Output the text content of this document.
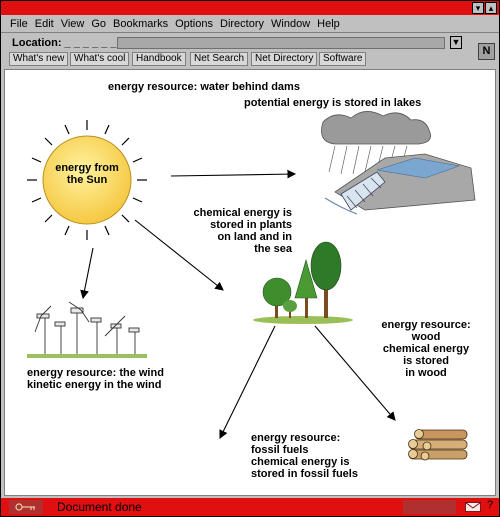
▾ ▴
File Edit View Go Bookmarks Options Directory Window Help
Location: _ _ _ _ _ _	▼
N
What's new What's cool	Handbook	Net Search	Net Directory Software
energy resource: water behind dams
potential energy is stored in lakes
energy from
the Sun
chemical energy is
stored in plants
on land and in
the sea
energy resource: the wind
kinetic energy in the wind
energy resource:
wood
chemical energy
is stored
in wood
energy resource:
fossil fuels
chemical energy is
stored in fossil fuels
Document done	?
